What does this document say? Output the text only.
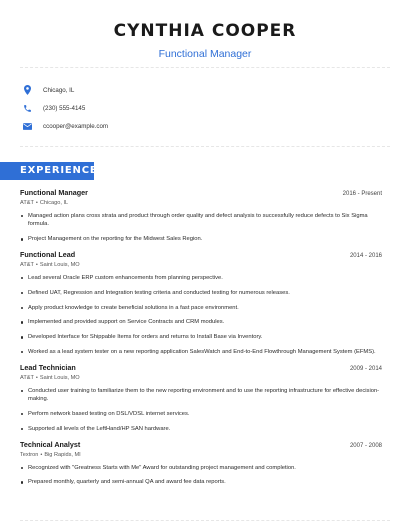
CYNTHIA COOPER
Functional Manager
Chicago, IL
(230) 555-4145
ccooper@example.com
EXPERIENCE
Functional Manager	2016 - Present
AT&T • Chicago, IL
Managed action plans cross strata and product through order quality and defect analysis to successfully reduce defects to Six Sigma formula.
Project Management on the reporting for the Midwest Sales Region.
Functional Lead	2014 - 2016
AT&T • Saint Louis, MO
Lead several Oracle ERP custom enhancements from planning perspective.
Defined UAT, Regression and Integration testing criteria and conducted testing for numerous releases.
Apply product knowledge to create beneficial solutions in a fast pace environment.
Implemented and provided support on Service Contracts and CRM modules.
Developed Interface for Shippable Items for orders and returns to Install Base via Inventory.
Worked as a lead system tester on a new reporting application SalesWatch and End-to-End Flowthrough Management System (EFMS).
Lead Technician	2009 - 2014
AT&T • Saint Louis, MO
Conducted user training to familiarize them to the new reporting environment and to use the reporting infrastructure for effective decision-making.
Perform network based testing on DSL/VDSL internet services.
Supported all levels of the LeftHand/HP SAN hardware.
Technical Analyst	2007 - 2008
Textron • Big Rapids, MI
Recognized with "Greatness Starts with Me" Award for outstanding project management and completion.
Prepared monthly, quarterly and semi-annual QA and award fee data reports.
